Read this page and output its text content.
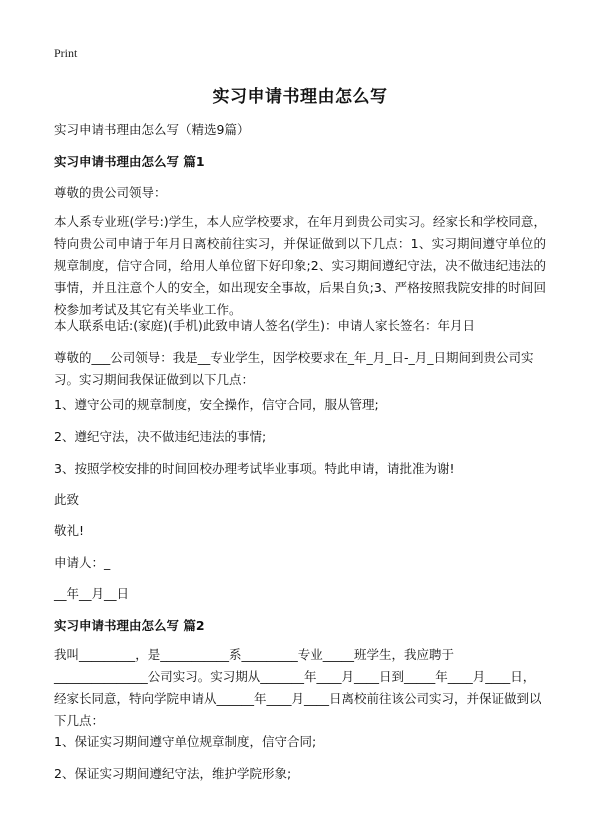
Print
实习申请书理由怎么写

实习申请书理由怎么写（精选9篇）

实习申请书理由怎么写 篇1

尊敬的贵公司领导：

本人系专业班(学号:)学生，本人应学校要求，在年月到贵公司实习。经家长和学校同意，特向贵公司申请于年月日离校前往实习，并保证做到以下几点：1、实习期间遵守单位的规章制度，信守合同，给用人单位留下好印象;2、实习期间遵纪守法，决不做违纪违法的事情，并且注意个人的安全，如出现安全事故，后果自负;3、严格按照我院安排的时间回校参加考试及其它有关毕业工作。

本人联系电话:(家庭)(手机)此致申请人签名(学生)：申请人家长签名：年月日

尊敬的___公司领导：我是__专业学生，因学校要求在_年_月_日-_月_日期间到贵公司实习。实习期间我保证做到以下几点：

1、遵守公司的规章制度，安全操作，信守合同，服从管理;

2、遵纪守法，决不做违纪违法的事情;

3、按照学校安排的时间回校办理考试毕业事项。特此申请，请批准为谢!

此致

敬礼!

申请人：_

__年__月__日

实习申请书理由怎么写 篇2

我叫_________，是___________系_________专业_____班学生，我应聘于_______________公司实习。实习期从_______年____月____日到_____年____月____日，经家长同意，特向学院申请从______年____月____日离校前往该公司实习，并保证做到以下几点：

1、保证实习期间遵守单位规章制度，信守合同;

2、保证实习期间遵纪守法，维护学院形象;
